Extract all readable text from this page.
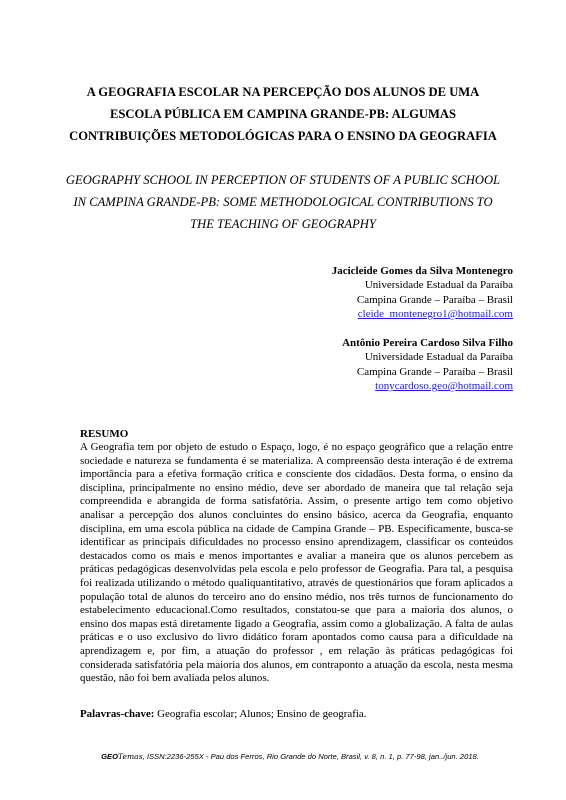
A GEOGRAFIA ESCOLAR NA PERCEPÇÃO DOS ALUNOS DE UMA ESCOLA PÚBLICA EM CAMPINA GRANDE-PB: ALGUMAS CONTRIBUIÇÕES METODOLÓGICAS PARA O ENSINO DA GEOGRAFIA
GEOGRAPHY SCHOOL IN PERCEPTION OF STUDENTS OF A PUBLIC SCHOOL IN CAMPINA GRANDE-PB: SOME METHODOLOGICAL CONTRIBUTIONS TO THE TEACHING OF GEOGRAPHY
Jacicleide Gomes da Silva Montenegro
Universidade Estadual da Paraíba
Campina Grande – Paraíba – Brasil
cleide_montenegro1@hotmail.com
Antônio Pereira Cardoso Silva Filho
Universidade Estadual da Paraíba
Campina Grande – Paraíba – Brasil
tonycardoso.geo@hotmail.com
RESUMO

A Geografia tem por objeto de estudo o Espaço, logo, é no espaço geográfico que a relação entre sociedade e natureza se fundamenta é se materializa. A compreensão desta interação é de extrema importância para a efetiva formação crítica e consciente dos cidadãos. Desta forma, o ensino da disciplina, principalmente no ensino médio, deve ser abordado de maneira que tal relação seja compreendida e abrangida de forma satisfatória. Assim, o presente artigo tem como objetivo analisar a percepção dos alunos concluintes do ensino básico, acerca da Geografia, enquanto disciplina, em uma escola pública na cidade de Campina Grande – PB. Especificamente, busca-se identificar as principais dificuldades no processo ensino aprendizagem, classificar os conteúdos destacados como os mais e menos importantes e avaliar a maneira que os alunos percebem as práticas pedagógicas desenvolvidas pela escola e pelo professor de Geografia. Para tal, a pesquisa foi realizada utilizando o método qualiquantitativo, através de questionários que foram aplicados a população total de alunos do terceiro ano do ensino médio, nos três turnos de funcionamento do estabelecimento educacional.Como resultados, constatou-se que para a maioria dos alunos, o ensino dos mapas está diretamente ligado a Geografia, assim como a globalização. A falta de aulas práticas e o uso exclusivo do livro didático foram apontados como causa para a dificuldade na aprendizagem e, por fim, a atuação do professor , em relação às práticas pedagógicas foi considerada satisfatória pela maioria dos alunos, em contraponto a atuação da escola, nesta mesma questão, não foi bem avaliada pelos alunos.

Palavras-chave: Geografia escolar; Alunos; Ensino de geografia.
GEOTemas, ISSN:2236-255X - Pau dos Ferros, Rio Grande do Norte, Brasil, v. 8, n. 1, p. 77-98, jan../jun. 2018.
